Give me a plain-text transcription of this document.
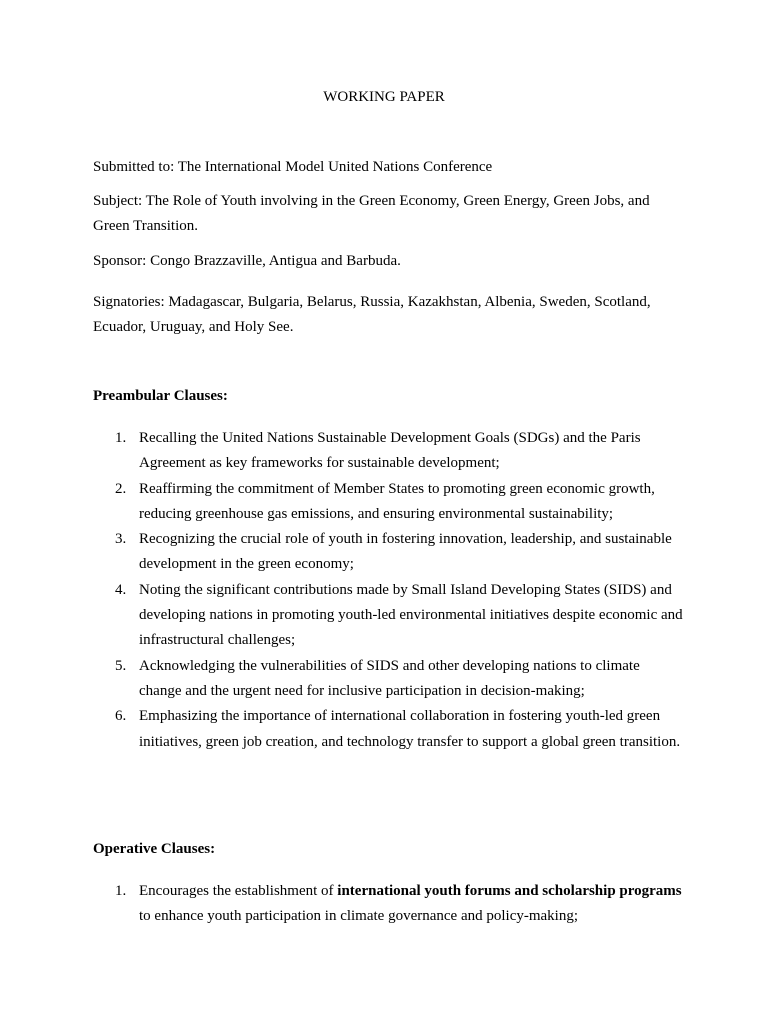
WORKING PAPER

Submitted to: The International Model United Nations Conference

Subject: The Role of Youth involving in the Green Economy, Green Energy, Green Jobs, and Green Transition.

Sponsor: Congo Brazzaville, Antigua and Barbuda.

Signatories: Madagascar, Bulgaria, Belarus, Russia, Kazakhstan, Albenia, Sweden, Scotland, Ecuador, Uruguay, and Holy See.

Preambular Clauses:

1. Recalling the United Nations Sustainable Development Goals (SDGs) and the Paris Agreement as key frameworks for sustainable development;
2. Reaffirming the commitment of Member States to promoting green economic growth, reducing greenhouse gas emissions, and ensuring environmental sustainability;
3. Recognizing the crucial role of youth in fostering innovation, leadership, and sustainable development in the green economy;
4. Noting the significant contributions made by Small Island Developing States (SIDS) and developing nations in promoting youth-led environmental initiatives despite economic and infrastructural challenges;
5. Acknowledging the vulnerabilities of SIDS and other developing nations to climate change and the urgent need for inclusive participation in decision-making;
6. Emphasizing the importance of international collaboration in fostering youth-led green initiatives, green job creation, and technology transfer to support a global green transition.

Operative Clauses:

1. Encourages the establishment of international youth forums and scholarship programs to enhance youth participation in climate governance and policy-making;
